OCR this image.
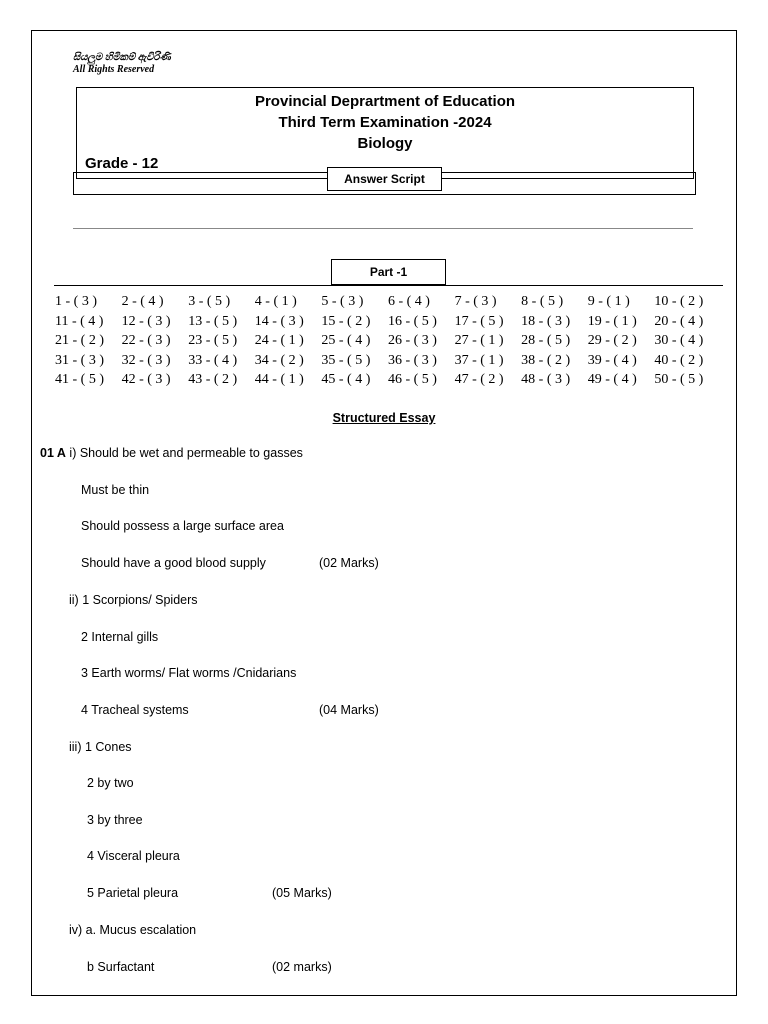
සියලුම හිමිකම් ඇවිරිණි
All Rights Reserved
Provincial Deprartment of Education
Third Term Examination -2024
Biology
Grade - 12
Answer Script
Part -1
1 - ( 3 )	2 - ( 4 )	3 - ( 5 )	4 - ( 1 )	5 - ( 3 )	6 - ( 4 )	7 - ( 3 )	8 - ( 5 )	9 - ( 1 )	10 - ( 2 )
11 - ( 4 )	12 - ( 3 )	13 - ( 5 )	14 - ( 3 )	15 - ( 2 )	16 - ( 5 )	17 - ( 5 )	18 - ( 3 )	19 - ( 1 )	20 - ( 4 )
21 - ( 2 )	22 - ( 3 )	23 - ( 5 )	24 - ( 1 )	25 - ( 4 )	26 - ( 3 )	27 - ( 1 )	28 - ( 5 )	29 - ( 2 )	30 - ( 4 )
31 - ( 3 )	32 - ( 3 )	33 - ( 4 )	34 - ( 2 )	35 - ( 5 )	36 - ( 3 )	37 - ( 1 )	38 - ( 2 )	39 - ( 4 )	40 - ( 2 )
41 - ( 5 )	42 - ( 3 )	43 - ( 2 )	44 - ( 1 )	45 - ( 4 )	46 - ( 5 )	47 - ( 2 )	48 - ( 3 )	49 - ( 4 )	50 - ( 5 )
Structured Essay
01 A i) Should be wet and permeable to gasses
Must be thin
Should possess a large surface area
Should have a good blood supply	(02 Marks)
ii) 1 Scorpions/ Spiders
2 Internal gills
3 Earth worms/ Flat worms /Cnidarians
4 Tracheal systems	(04 Marks)
iii) 1 Cones
2 by two
3 by three
4 Visceral pleura
5 Parietal pleura	(05 Marks)
iv) a. Mucus escalation
b Surfactant	(02 marks)
